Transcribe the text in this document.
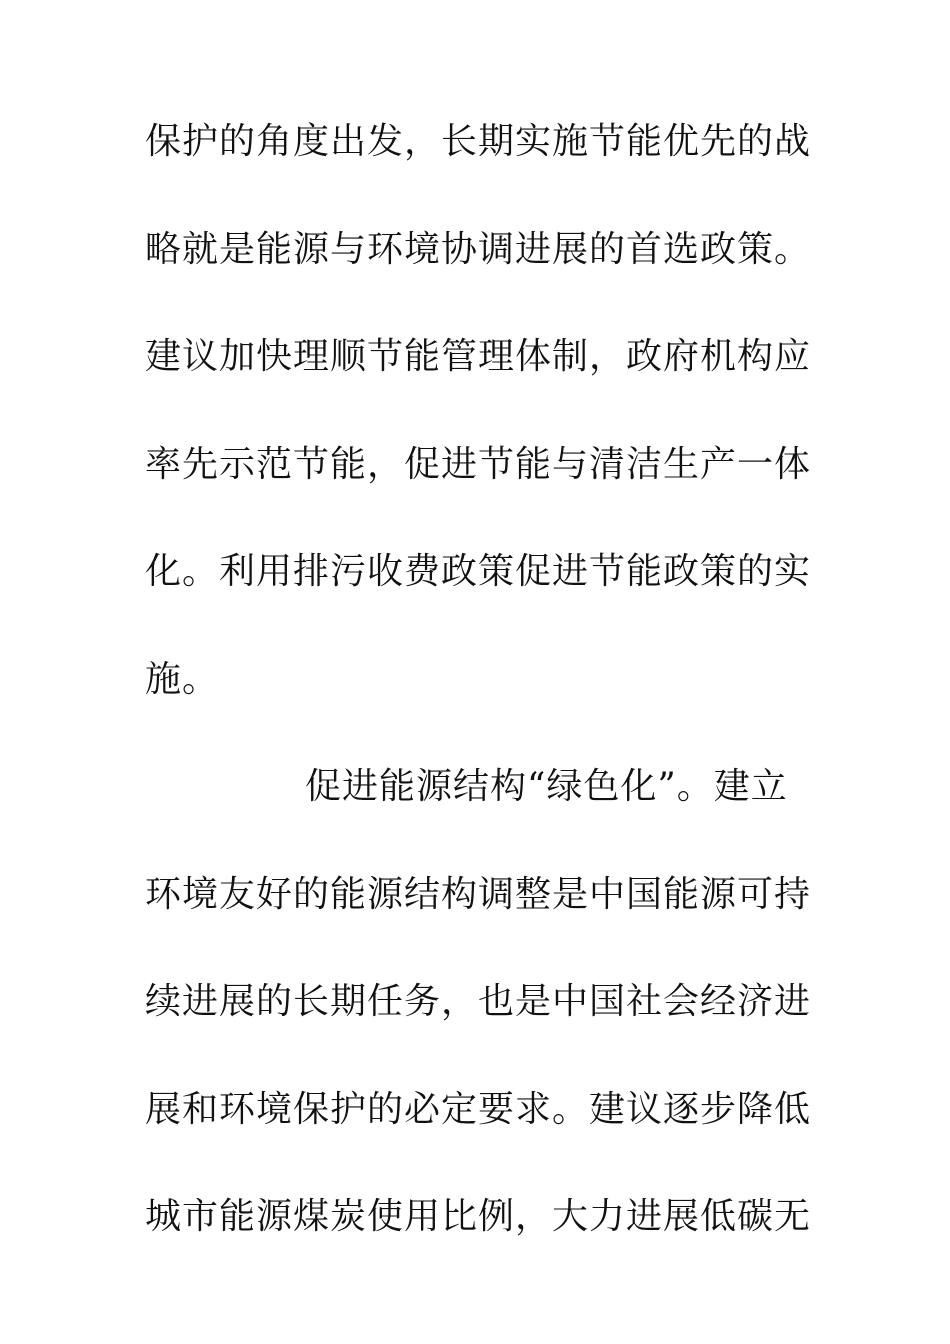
保护的角度出发，长期实施节能优先的战
略就是能源与环境协调进展的首选政策。
建议加快理顺节能管理体制，政府机构应
率先示范节能，促进节能与清洁生产一体
化。利用排污收费政策促进节能政策的实
施。
促进能源结构“绿色化”。建立
环境友好的能源结构调整是中国能源可持
续进展的长期任务，也是中国社会经济进
展和环境保护的必定要求。建议逐步降低
城市能源煤炭使用比例，大力进展低碳无
